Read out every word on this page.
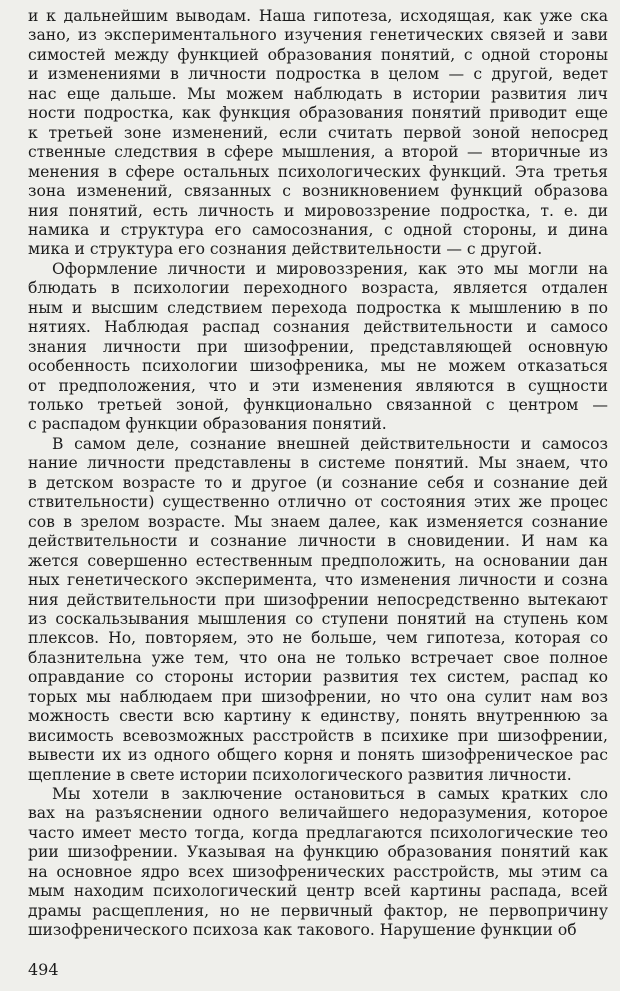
и к дальнейшим выводам. Наша гипотеза, исходящая, как уже ска

зано, из экспериментального изучения генетических связей и зави

симостей между функцией образования понятий, с одной стороны

и изменениями в личности подростка в целом — с другой, ведет

нас еще дальше. Мы можем наблюдать в истории развития лич

ности подростка, как функция образования понятий приводит еще

к третьей зоне изменений, если считать первой зоной непосред

ственные следствия в сфере мышления, а второй — вторичные из

менения в сфере остальных психологических функций. Эта третья

зона изменений, связанных с возникновением функций образова

ния понятий, есть личность и мировоззрение подростка, т. е. ди

намика и структура его самосознания, с одной стороны, и дина

мика и структура его сознания действительности — с другой.

Оформление личности и мировоззрения, как это мы могли на

блюдать в психологии переходного возраста, является отдален

ным и высшим следствием перехода подростка к мышлению в по

нятиях. Наблюдая распад сознания действительности и самосо

знания личности при шизофрении, представляющей основную

особенность психологии шизофреника, мы не можем отказаться

от предположения, что и эти изменения являются в сущности

только третьей зоной, функционально связанной с центром —

с распадом функции образования понятий.

В самом деле, сознание внешней действительности и самосоз

нание личности представлены в системе понятий. Мы знаем, что

в детском возрасте то и другое (и сознание себя и сознание дей

ствительности) существенно отлично от состояния этих же процес

сов в зрелом возрасте. Мы знаем далее, как изменяется сознание

действительности и сознание личности в сновидении. И нам ка

жется совершенно естественным предположить, на основании дан

ных генетического эксперимента, что изменения личности и созна

ния действительности при шизофрении непосредственно вытекают

из соскальзывания мышления со ступени понятий на ступень ком

плексов. Но, повторяем, это не больше, чем гипотеза, которая со

блазнительна уже тем, что она не только встречает свое полное

оправдание со стороны истории развития тех систем, распад ко

торых мы наблюдаем при шизофрении, но что она сулит нам воз

можность свести всю картину к единству, понять внутреннюю за

висимость всевозможных расстройств в психике при шизофрении,

вывести их из одного общего корня и понять шизофреническое рас

щепление в свете истории психологического развития личности.

Мы хотели в заключение остановиться в самых кратких сло

вах на разъяснении одного величайшего недоразумения, которое

часто имеет место тогда, когда предлагаются психологические тео

рии шизофрении. Указывая на функцию образования понятий как

на основное ядро всех шизофренических расстройств, мы этим са

мым находим психологический центр всей картины распада, всей

драмы расщепления, но не первичный фактор, не первопричину

шизофренического психоза как такового. Нарушение функции об

494
